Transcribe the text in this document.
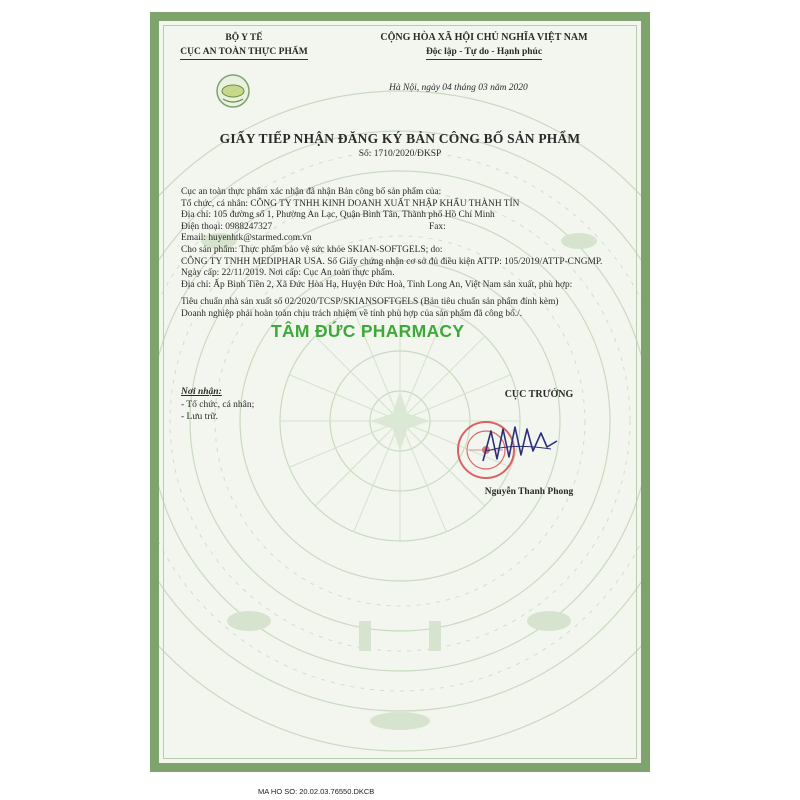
BỘ Y TẾ
CỤC AN TOÀN THỰC PHẨM
CỘNG HÒA XÃ HỘI CHỦ NGHĨA VIỆT NAM
Độc lập - Tự do - Hạnh phúc
Hà Nội, ngày 04 tháng 03 năm 2020
GIẤY TIẾP NHẬN ĐĂNG KÝ BẢN CÔNG BỐ SẢN PHẨM
Số: 1710/2020/ĐKSP

Cục an toàn thực phẩm xác nhận đã nhận Bản công bố sản phẩm của:

Tổ chức, cá nhân: CÔNG TY TNHH KINH DOANH XUẤT NHẬP KHẨU THÀNH TÍN

Địa chỉ: 105 đường số 1, Phường An Lạc, Quận Bình Tân, Thành phố Hồ Chí Minh

Điện thoại: 0988247327	Fax:

Email: huyenhtk@starmed.com.vn

Cho sản phẩm: Thực phẩm bảo vệ sức khỏe SKIAN-SOFTGELS; do:

CÔNG TY TNHH MEDIPHAR USA. Số Giấy chứng nhận cơ sở đủ điều kiện ATTP: 105/2019/ATTP-CNGMP. Ngày cấp: 22/11/2019. Nơi cấp: Cục An toàn thực phẩm.

Địa chỉ: Ấp Bình Tiền 2, Xã Đức Hòa Hạ, Huyện Đức Hoà, Tỉnh Long An, Việt Nam sản xuất, phù hợp:

Tiêu chuẩn nhà sản xuất số 02/2020/TCSP/SKIANSOFTGELS (Bản tiêu chuẩn sản phẩm đính kèm)

Doanh nghiệp phải hoàn toàn chịu trách nhiệm về tính phù hợp của sản phẩm đã công bố./.

TÂM ĐỨC PHARMACY
Nơi nhận:
- Tổ chức, cá nhân;
- Lưu trữ.
CỤC TRƯỞNG
Nguyễn Thanh Phong
MA HO SO: 20.02.03.76550.DKCB
